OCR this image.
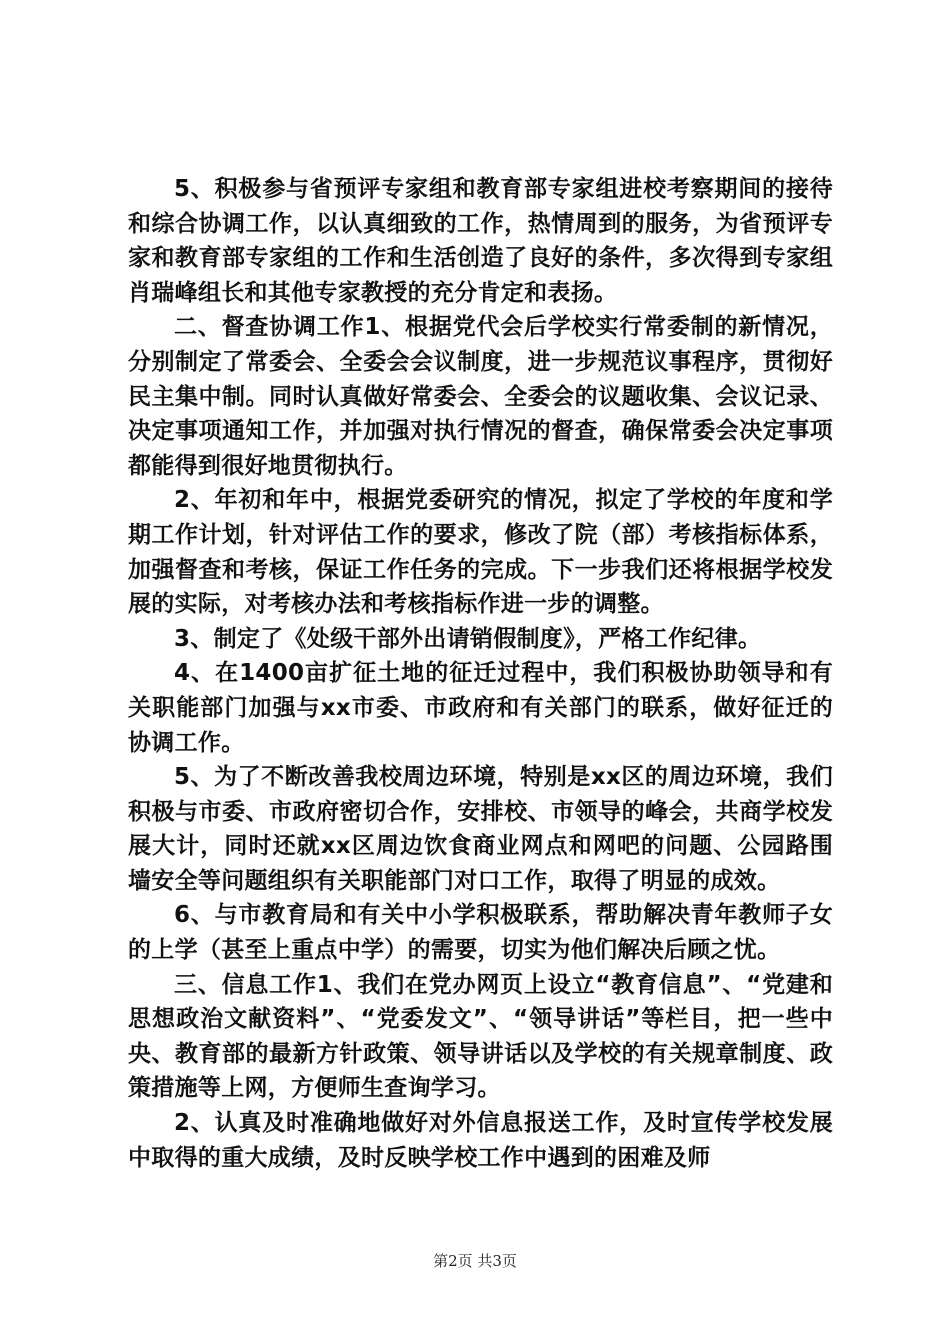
5、积极参与省预评专家组和教育部专家组进校考察期间的接待和综合协调工作，以认真细致的工作，热情周到的服务，为省预评专家和教育部专家组的工作和生活创造了良好的条件，多次得到专家组肖瑞峰组长和其他专家教授的充分肯定和表扬。

二、督查协调工作1、根据党代会后学校实行常委制的新情况，分别制定了常委会、全委会会议制度，进一步规范议事程序，贯彻好民主集中制。同时认真做好常委会、全委会的议题收集、会议记录、决定事项通知工作，并加强对执行情况的督查，确保常委会决定事项都能得到很好地贯彻执行。

2、年初和年中，根据党委研究的情况，拟定了学校的年度和学期工作计划，针对评估工作的要求，修改了院（部）考核指标体系，加强督查和考核，保证工作任务的完成。下一步我们还将根据学校发展的实际，对考核办法和考核指标作进一步的调整。

3、制定了《处级干部外出请销假制度》，严格工作纪律。

4、在1400亩扩征土地的征迁过程中，我们积极协助领导和有关职能部门加强与xx市委、市政府和有关部门的联系，做好征迁的协调工作。

5、为了不断改善我校周边环境，特别是xx区的周边环境，我们积极与市委、市政府密切合作，安排校、市领导的峰会，共商学校发展大计，同时还就xx区周边饮食商业网点和网吧的问题、公园路围墙安全等问题组织有关职能部门对口工作，取得了明显的成效。

6、与市教育局和有关中小学积极联系，帮助解决青年教师子女的上学（甚至上重点中学）的需要，切实为他们解决后顾之忧。

三、信息工作1、我们在党办网页上设立“教育信息”、“党建和思想政治文献资料”、“党委发文”、“领导讲话”等栏目，把一些中央、教育部的最新方针政策、领导讲话以及学校的有关规章制度、政策措施等上网，方便师生查询学习。

2、认真及时准确地做好对外信息报送工作，及时宣传学校发展中取得的重大成绩，及时反映学校工作中遇到的困难及师

第2页 共3页
